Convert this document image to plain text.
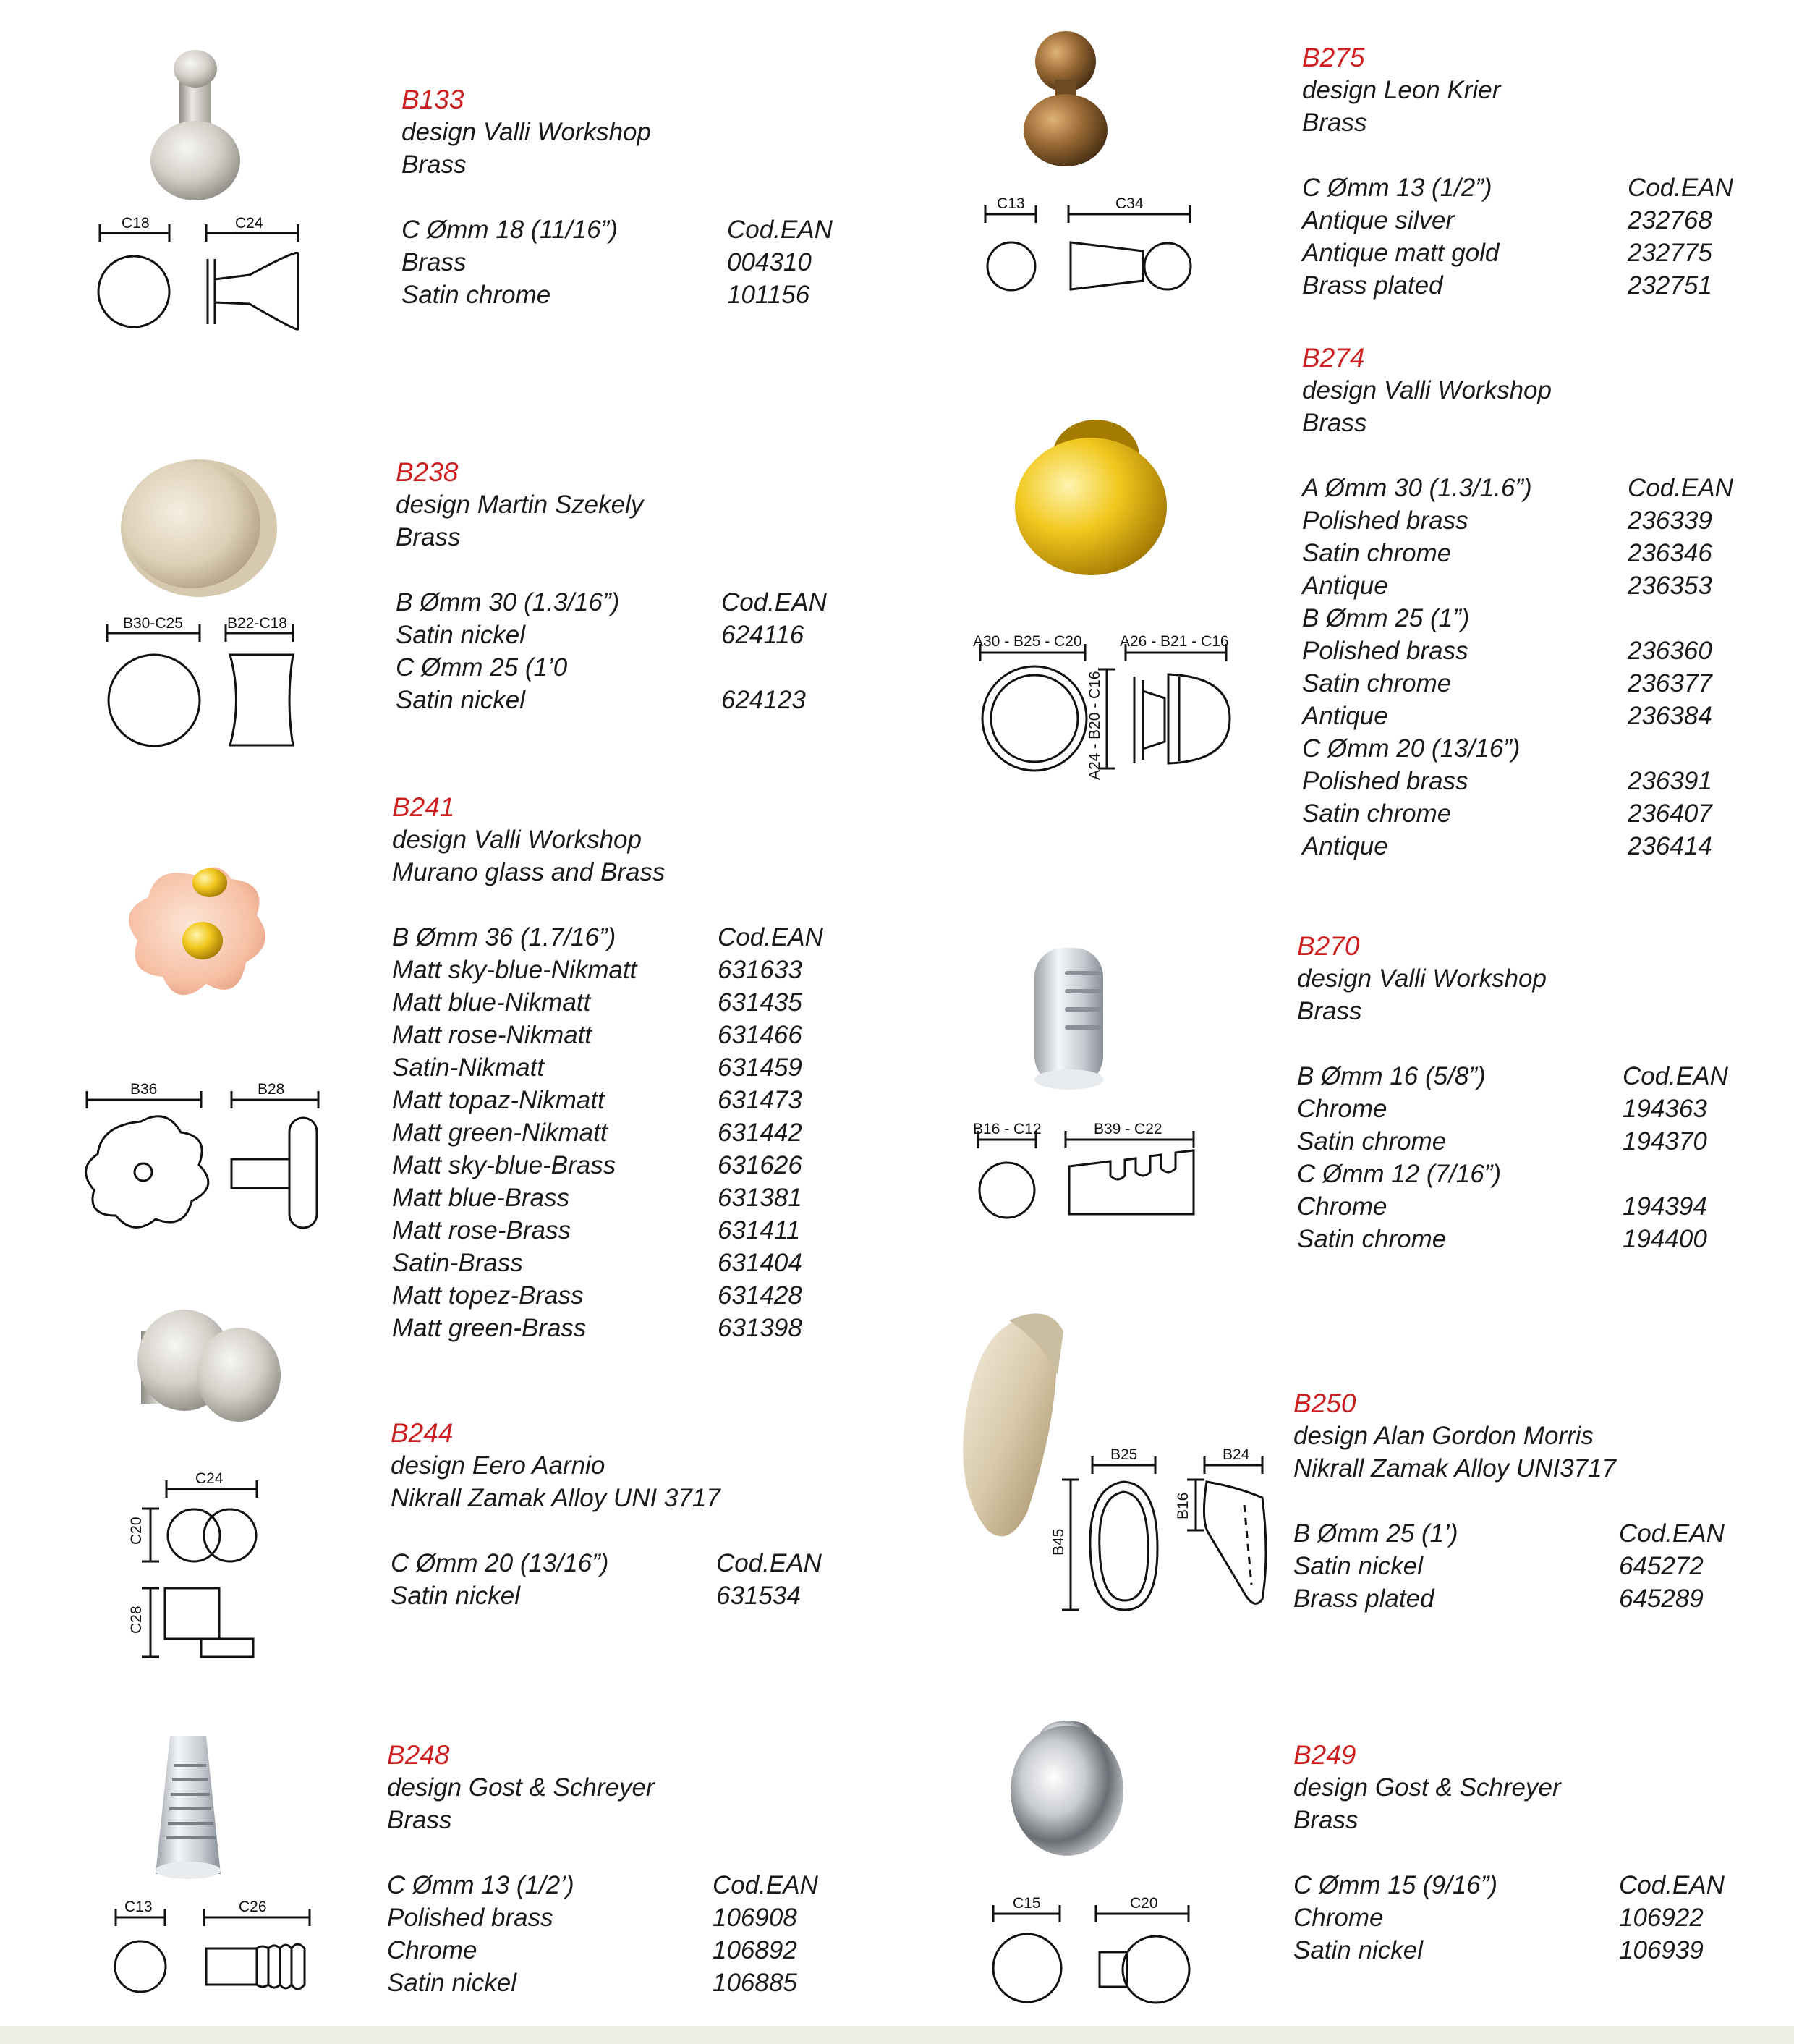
B133
design Valli Workshop
Brass
C Ømm 18 (11/16”)	Cod.EAN
Brass	004310
Satin chrome	101156
B238
design Martin Szekely
Brass
B Ømm 30 (1.3/16”)	Cod.EAN
Satin nickel	624116
C Ømm 25 (1’0
Satin nickel	624123
B241
design Valli Workshop
Murano glass and Brass
B Ømm 36 (1.7/16”)	Cod.EAN
Matt sky-blue-Nikmatt	631633
Matt blue-Nikmatt	631435
Matt rose-Nikmatt	631466
Satin-Nikmatt	631459
Matt topaz-Nikmatt	631473
Matt green-Nikmatt	631442
Matt sky-blue-Brass	631626
Matt blue-Brass	631381
Matt rose-Brass	631411
Satin-Brass	631404
Matt topez-Brass	631428
Matt green-Brass	631398
B244
design Eero Aarnio
Nikrall Zamak Alloy UNI 3717
C Ømm 20 (13/16”)	Cod.EAN
Satin nickel	631534
B248
design Gost & Schreyer
Brass
C Ømm 13 (1/2’)	Cod.EAN
Polished brass	106908
Chrome	106892
Satin nickel	106885
B275
design Leon Krier
Brass
C Ømm 13 (1/2”)	Cod.EAN
Antique silver	232768
Antique matt gold	232775
Brass plated	232751
B274
design Valli Workshop
Brass
A Ømm 30 (1.3/1.6”)	Cod.EAN
Polished brass	236339
Satin chrome	236346
Antique	236353
B Ømm 25 (1”)
Polished brass	236360
Satin chrome	236377
Antique	236384
C Ømm 20 (13/16”)
Polished brass	236391
Satin chrome	236407
Antique	236414
B270
design Valli Workshop
Brass
B Ømm 16 (5/8”)	Cod.EAN
Chrome	194363
Satin chrome	194370
C Ømm 12 (7/16”)
Chrome	194394
Satin chrome	194400
B250
design Alan Gordon Morris
Nikrall Zamak Alloy UNI3717
B Ømm 25 (1’)	Cod.EAN
Satin nickel	645272
Brass plated	645289
B249
design Gost & Schreyer
Brass
C Ømm 15 (9/16”)	Cod.EAN
Chrome	106922
Satin nickel	106939
C18	C24
B30-C25	B22-C18
B36	B28
C24
C20
C28
C13	C26
C13	C34
A30 - B25 - C20 A26 - B21 - C16
A24 - B20 - C16
B16 - C12	B39 - C22
B25	B24
B16
B45
C15	C20
